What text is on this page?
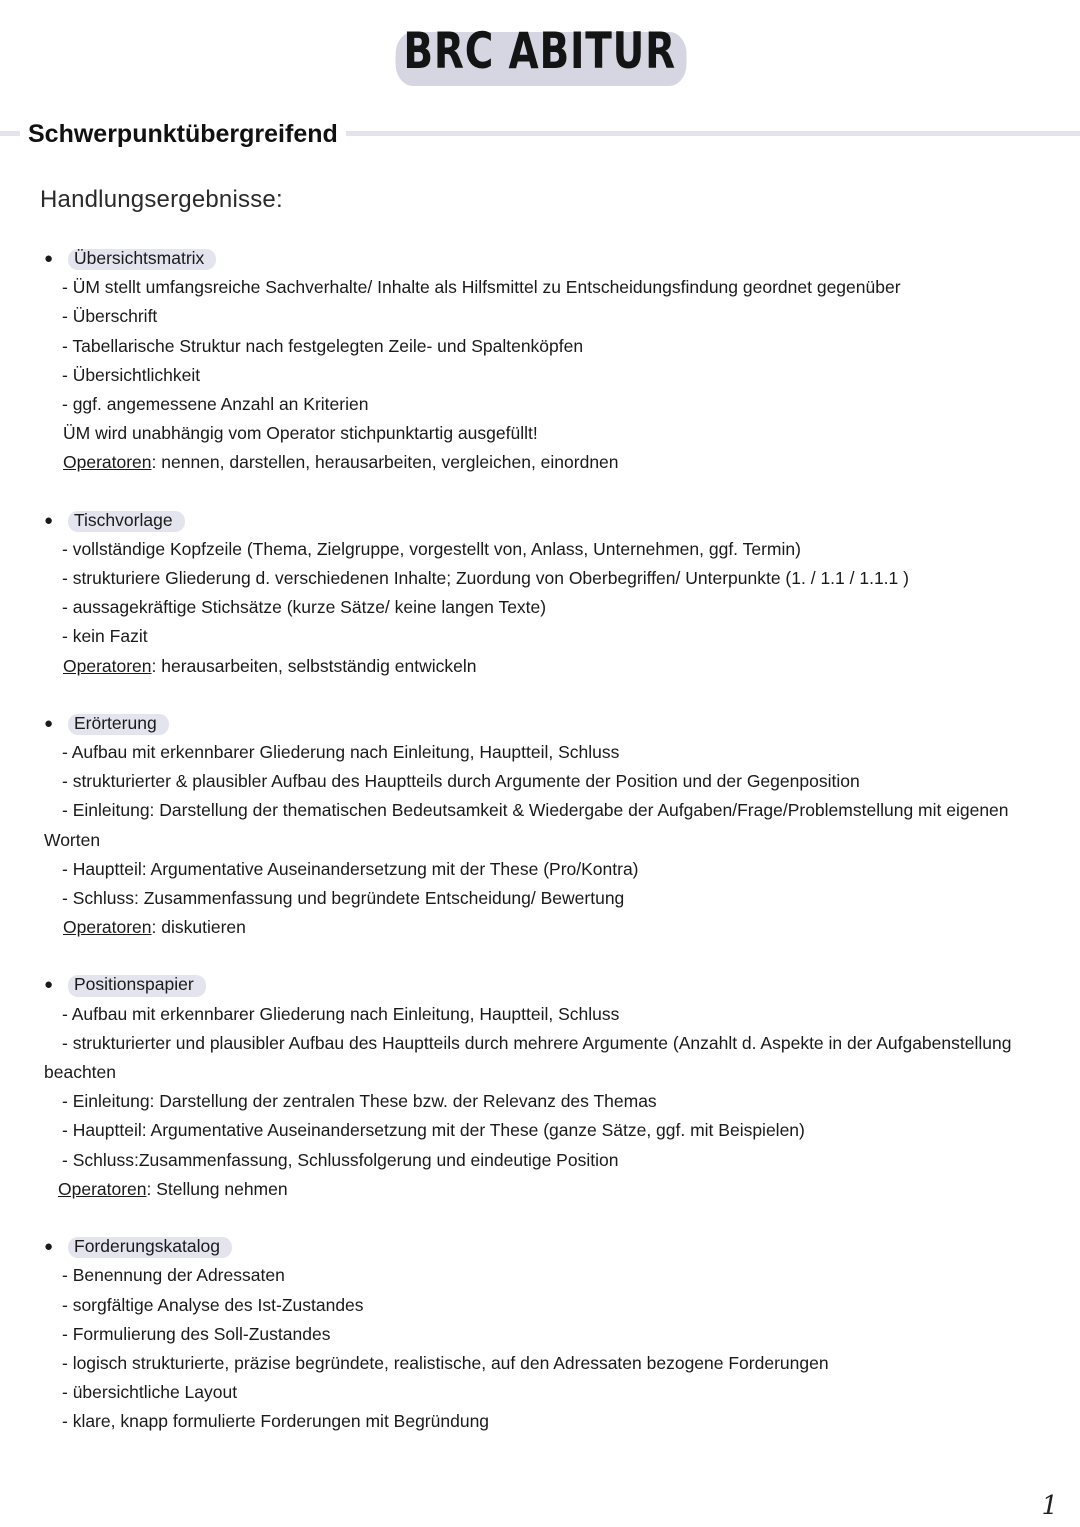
BRC ABITUR
Schwerpunktübergreifend
Handlungsergebnisse:
●	Übersichtsmatrix
- ÜM stellt umfangsreiche Sachverhalte/ Inhalte als Hilfsmittel zu Entscheidungsfindung geordnet gegenüber
- Überschrift
- Tabellarische Struktur nach festgelegten Zeile- und Spaltenköpfen
- Übersichtlichkeit
- ggf. angemessene Anzahl an Kriterien
ÜM wird unabhängig vom Operator stichpunktartig ausgefüllt!
Operatoren: nennen, darstellen, herausarbeiten, vergleichen, einordnen
●	Tischvorlage
- vollständige Kopfzeile (Thema, Zielgruppe, vorgestellt von, Anlass, Unternehmen, ggf. Termin)
- strukturiere Gliederung d. verschiedenen Inhalte; Zuordung von Oberbegriffen/ Unterpunkte (1. / 1.1 / 1.1.1 )
- aussagekräftige Stichsätze (kurze Sätze/ keine langen Texte)
- kein Fazit
Operatoren: herausarbeiten, selbstständig entwickeln
●	Erörterung
- Aufbau mit erkennbarer Gliederung nach Einleitung, Hauptteil, Schluss
- strukturierter & plausibler Aufbau des Hauptteils durch Argumente der Position und der Gegenposition
- Einleitung: Darstellung der thematischen Bedeutsamkeit & Wiedergabe der Aufgaben/Frage/Problemstellung mit eigenen
Worten
- Hauptteil: Argumentative Auseinandersetzung mit der These (Pro/Kontra)
- Schluss: Zusammenfassung und begründete Entscheidung/ Bewertung
Operatoren: diskutieren
●	Positionspapier
- Aufbau mit erkennbarer Gliederung nach Einleitung, Hauptteil, Schluss
- strukturierter und plausibler Aufbau des Hauptteils durch mehrere Argumente (Anzahlt d. Aspekte in der Aufgabenstellung
beachten
- Einleitung: Darstellung der zentralen These bzw. der Relevanz des Themas
- Hauptteil: Argumentative Auseinandersetzung mit der These (ganze Sätze, ggf. mit Beispielen)
- Schluss:Zusammenfassung, Schlussfolgerung und eindeutige Position
Operatoren: Stellung nehmen
●	Forderungskatalog
- Benennung der Adressaten
- sorgfältige Analyse des Ist-Zustandes
- Formulierung des Soll-Zustandes
- logisch strukturierte, präzise begründete, realistische, auf den Adressaten bezogene Forderungen
- übersichtliche Layout
- klare, knapp formulierte Forderungen mit Begründung
1
